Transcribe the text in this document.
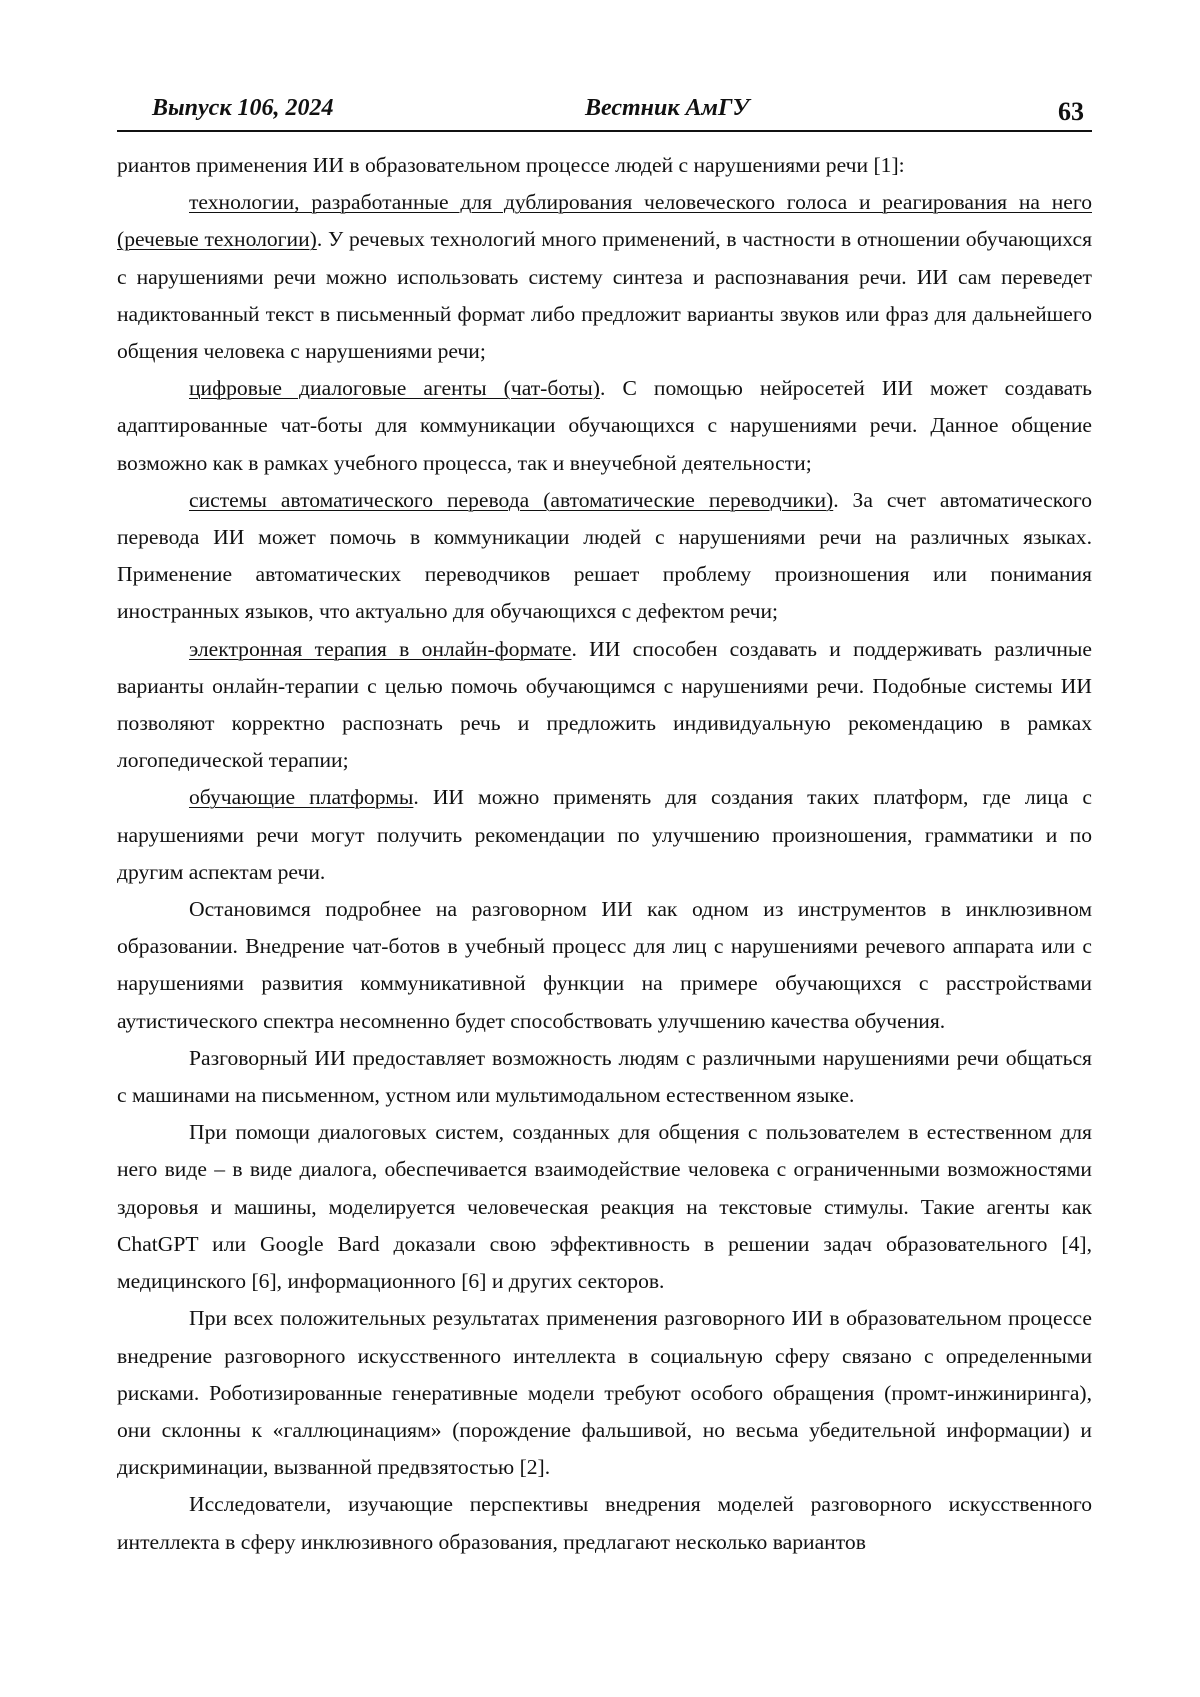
Выпуск 106, 2024	Вестник АмГУ	63

риантов применения ИИ в образовательном процессе людей с нарушениями речи [1]:

технологии, разработанные для дублирования человеческого голоса и реагирования на него (речевые технологии). У речевых технологий много применений, в частности в отношении обучающихся с нарушениями речи можно использовать систему синтеза и распознавания речи. ИИ сам переведет надиктованный текст в письменный формат либо предложит варианты звуков или фраз для дальнейшего общения человека с нарушениями речи;

цифровые диалоговые агенты (чат-боты). С помощью нейросетей ИИ может создавать адаптированные чат-боты для коммуникации обучающихся с нарушениями речи. Данное общение возможно как в рамках учебного процесса, так и внеучебной деятельности;

системы автоматического перевода (автоматические переводчики). За счет автоматического перевода ИИ может помочь в коммуникации людей с нарушениями речи на различных языках. Применение автоматических переводчиков решает проблему произношения или понимания иностранных языков, что актуально для обучающихся с дефектом речи;

электронная терапия в онлайн-формате. ИИ способен создавать и поддерживать различные варианты онлайн-терапии с целью помочь обучающимся с нарушениями речи. Подобные системы ИИ позволяют корректно распознать речь и предложить индивидуальную рекомендацию в рамках логопедической терапии;

обучающие платформы. ИИ можно применять для создания таких платформ, где лица с нарушениями речи могут получить рекомендации по улучшению произношения, грамматики и по другим аспектам речи.

Остановимся подробнее на разговорном ИИ как одном из инструментов в инклюзивном образовании. Внедрение чат-ботов в учебный процесс для лиц с нарушениями речевого аппарата или с нарушениями развития коммуникативной функции на примере обучающихся с расстройствами аутистического спектра несомненно будет способствовать улучшению качества обучения.

Разговорный ИИ предоставляет возможность людям с различными нарушениями речи общаться с машинами на письменном, устном или мультимодальном естественном языке.

При помощи диалоговых систем, созданных для общения с пользователем в естественном для него виде – в виде диалога, обеспечивается взаимодействие человека с ограниченными возможностями здоровья и машины, моделируется человеческая реакция на текстовые стимулы. Такие агенты как ChatGPT или Google Bard доказали свою эффективность в решении задач образовательного [4], медицинского [6], информационного [6] и других секторов.

При всех положительных результатах применения разговорного ИИ в образовательном процессе внедрение разговорного искусственного интеллекта в социальную сферу связано с определенными рисками. Роботизированные генеративные модели требуют особого обращения (промт-инжиниринга), они склонны к «галлюцинациям» (порождение фальшивой, но весьма убедительной информации) и дискриминации, вызванной предвзятостью [2].

Исследователи, изучающие перспективы внедрения моделей разговорного искусственного интеллекта в сферу инклюзивного образования, предлагают несколько вариантов
